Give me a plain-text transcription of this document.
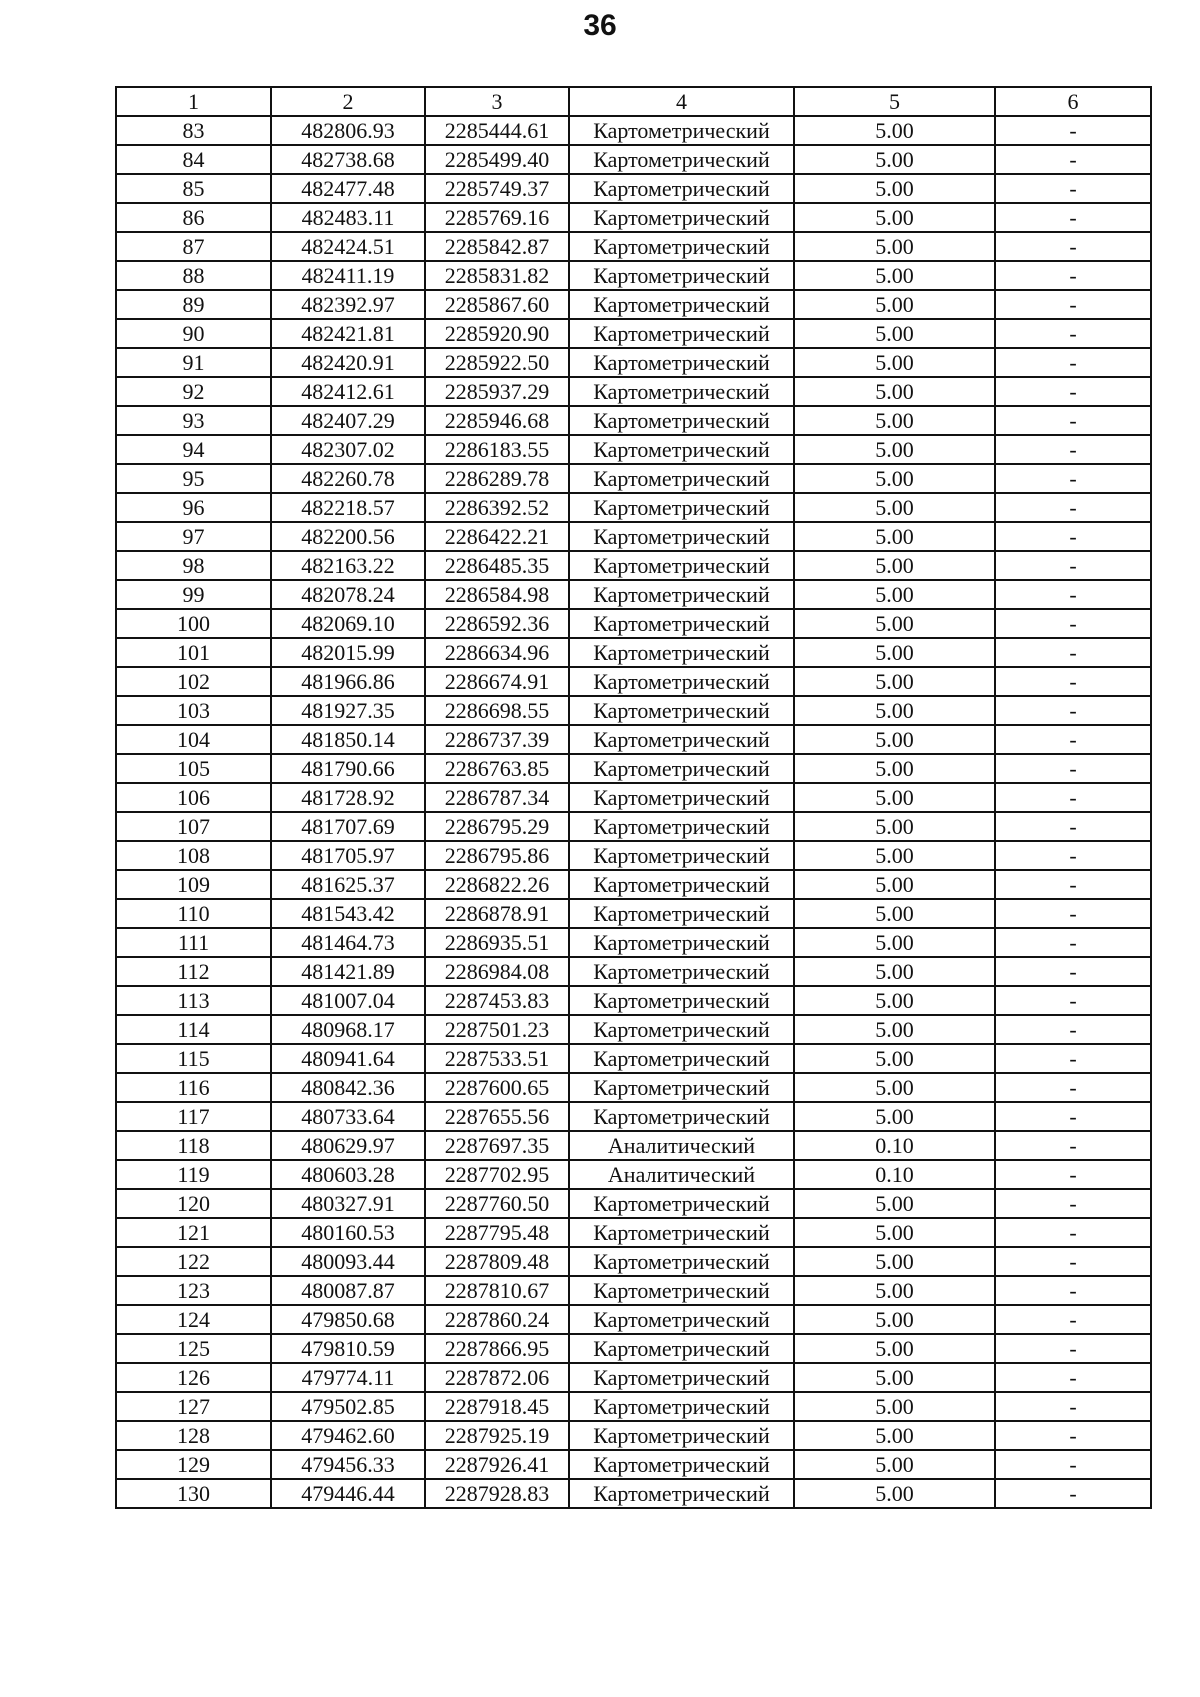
36
1	2	3	4	5	6
83	482806.93	2285444.61	Картометрический	5.00	-
84	482738.68	2285499.40	Картометрический	5.00	-
85	482477.48	2285749.37	Картометрический	5.00	-
86	482483.11	2285769.16	Картометрический	5.00	-
87	482424.51	2285842.87	Картометрический	5.00	-
88	482411.19	2285831.82	Картометрический	5.00	-
89	482392.97	2285867.60	Картометрический	5.00	-
90	482421.81	2285920.90	Картометрический	5.00	-
91	482420.91	2285922.50	Картометрический	5.00	-
92	482412.61	2285937.29	Картометрический	5.00	-
93	482407.29	2285946.68	Картометрический	5.00	-
94	482307.02	2286183.55	Картометрический	5.00	-
95	482260.78	2286289.78	Картометрический	5.00	-
96	482218.57	2286392.52	Картометрический	5.00	-
97	482200.56	2286422.21	Картометрический	5.00	-
98	482163.22	2286485.35	Картометрический	5.00	-
99	482078.24	2286584.98	Картометрический	5.00	-
100	482069.10	2286592.36	Картометрический	5.00	-
101	482015.99	2286634.96	Картометрический	5.00	-
102	481966.86	2286674.91	Картометрический	5.00	-
103	481927.35	2286698.55	Картометрический	5.00	-
104	481850.14	2286737.39	Картометрический	5.00	-
105	481790.66	2286763.85	Картометрический	5.00	-
106	481728.92	2286787.34	Картометрический	5.00	-
107	481707.69	2286795.29	Картометрический	5.00	-
108	481705.97	2286795.86	Картометрический	5.00	-
109	481625.37	2286822.26	Картометрический	5.00	-
110	481543.42	2286878.91	Картометрический	5.00	-
111	481464.73	2286935.51	Картометрический	5.00	-
112	481421.89	2286984.08	Картометрический	5.00	-
113	481007.04	2287453.83	Картометрический	5.00	-
114	480968.17	2287501.23	Картометрический	5.00	-
115	480941.64	2287533.51	Картометрический	5.00	-
116	480842.36	2287600.65	Картометрический	5.00	-
117	480733.64	2287655.56	Картометрический	5.00	-
118	480629.97	2287697.35	Аналитический	0.10	-
119	480603.28	2287702.95	Аналитический	0.10	-
120	480327.91	2287760.50	Картометрический	5.00	-
121	480160.53	2287795.48	Картометрический	5.00	-
122	480093.44	2287809.48	Картометрический	5.00	-
123	480087.87	2287810.67	Картометрический	5.00	-
124	479850.68	2287860.24	Картометрический	5.00	-
125	479810.59	2287866.95	Картометрический	5.00	-
126	479774.11	2287872.06	Картометрический	5.00	-
127	479502.85	2287918.45	Картометрический	5.00	-
128	479462.60	2287925.19	Картометрический	5.00	-
129	479456.33	2287926.41	Картометрический	5.00	-
130	479446.44	2287928.83	Картометрический	5.00	-
